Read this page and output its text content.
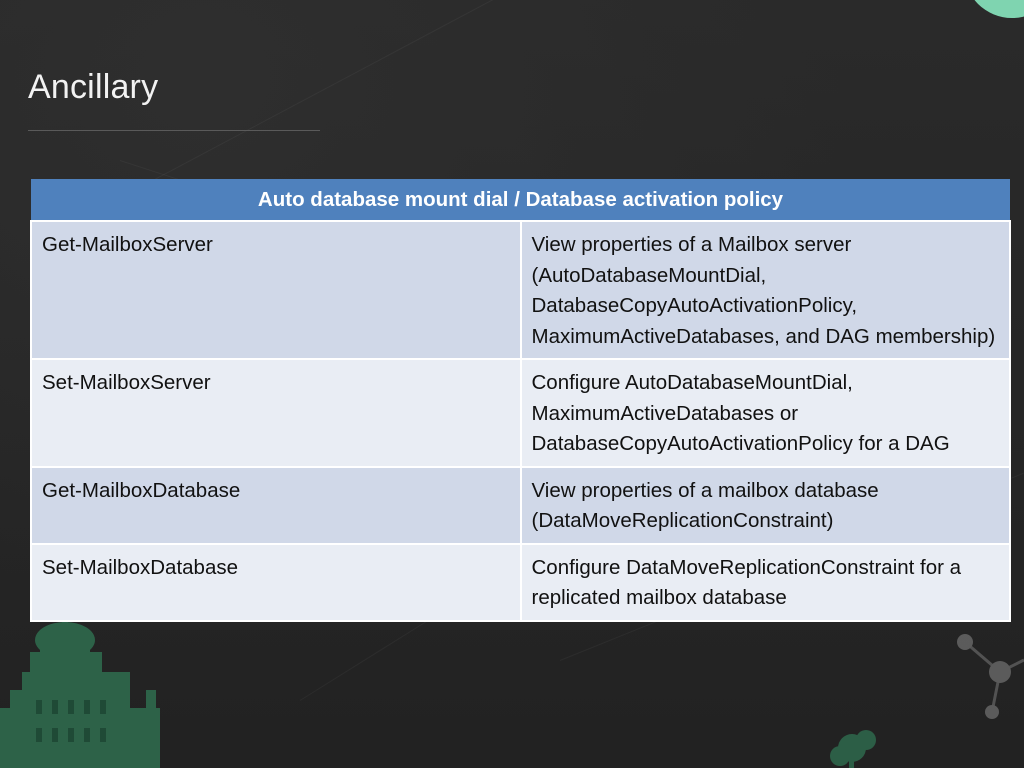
Ancillary
Auto database mount dial / Database activation policy	
Get-MailboxServer	View properties of a Mailbox server (AutoDatabaseMountDial, DatabaseCopyAutoActivationPolicy, MaximumActiveDatabases, and DAG membership)
Set-MailboxServer	Configure AutoDatabaseMountDial, MaximumActiveDatabases or DatabaseCopyAutoActivationPolicy for a DAG
Get-MailboxDatabase	View properties of a mailbox database (DataMoveReplicationConstraint)
Set-MailboxDatabase	Configure DataMoveReplicationConstraint for a replicated mailbox database
